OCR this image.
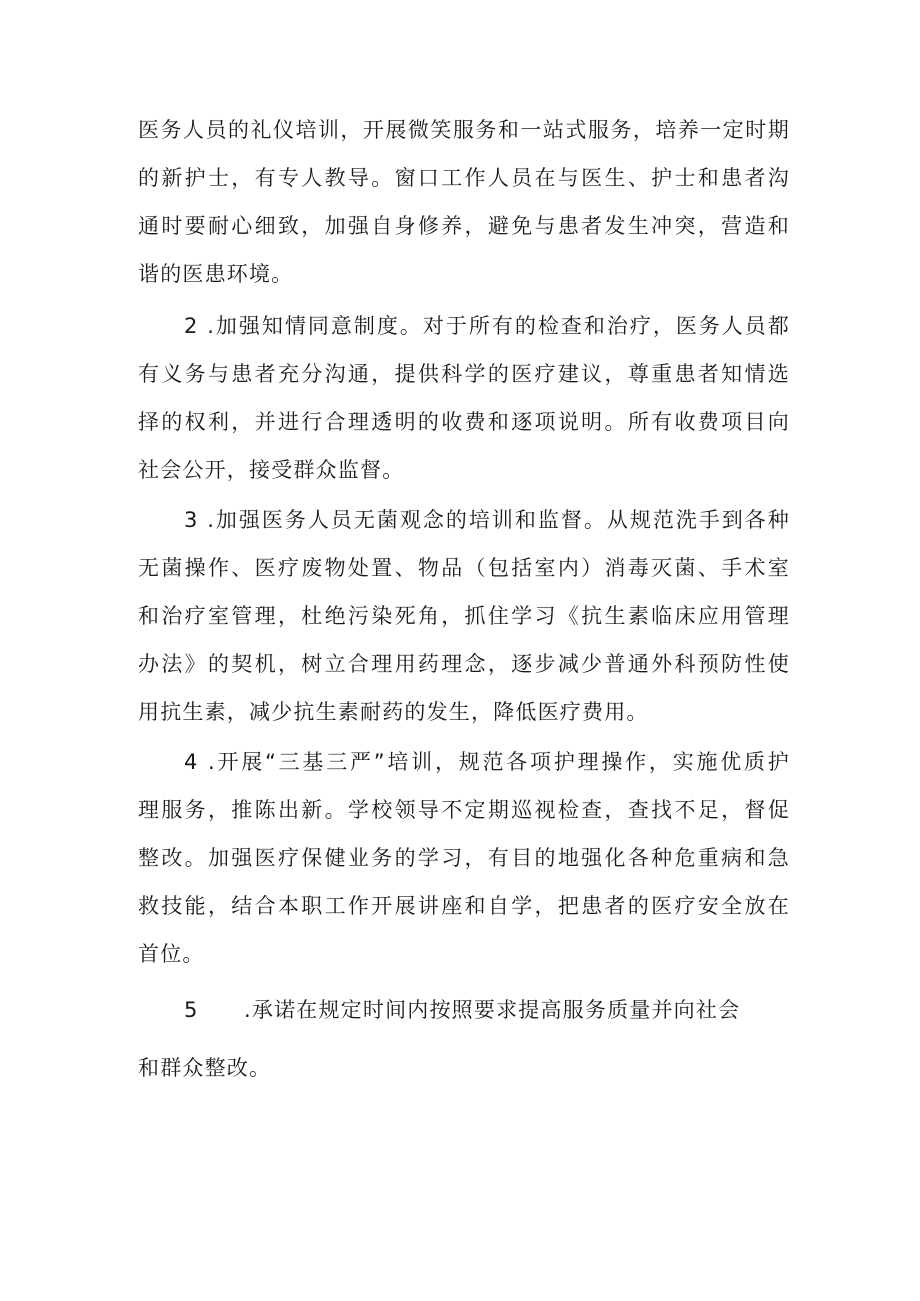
医务人员的礼仪培训，开展微笑服务和一站式服务，培养一定时期
的新护士，有专人教导。窗口工作人员在与医生、护士和患者沟
通时要耐心细致，加强自身修养，避免与患者发生冲突，营造和
谐的医患环境。
2 .加强知情同意制度。对于所有的检查和治疗，医务人员都
有义务与患者充分沟通，提供科学的医疗建议，尊重患者知情选
择的权利，并进行合理透明的收费和逐项说明。所有收费项目向
社会公开，接受群众监督。
3 .加强医务人员无菌观念的培训和监督。从规范洗手到各种
无菌操作、医疗废物处置、物品（包括室内）消毒灭菌、手术室
和治疗室管理，杜绝污染死角，抓住学习《抗生素临床应用管理
办法》的契机，树立合理用药理念，逐步减少普通外科预防性使
用抗生素，减少抗生素耐药的发生，降低医疗费用。
4 .开展“三基三严”培训，规范各项护理操作，实施优质护
理服务，推陈出新。学校领导不定期巡视检查，查找不足，督促
整改。加强医疗保健业务的学习，有目的地强化各种危重病和急
救技能，结合本职工作开展讲座和自学，把患者的医疗安全放在
首位。
5 .承诺在规定时间内按照要求提高服务质量并向社会
和群众整改。
